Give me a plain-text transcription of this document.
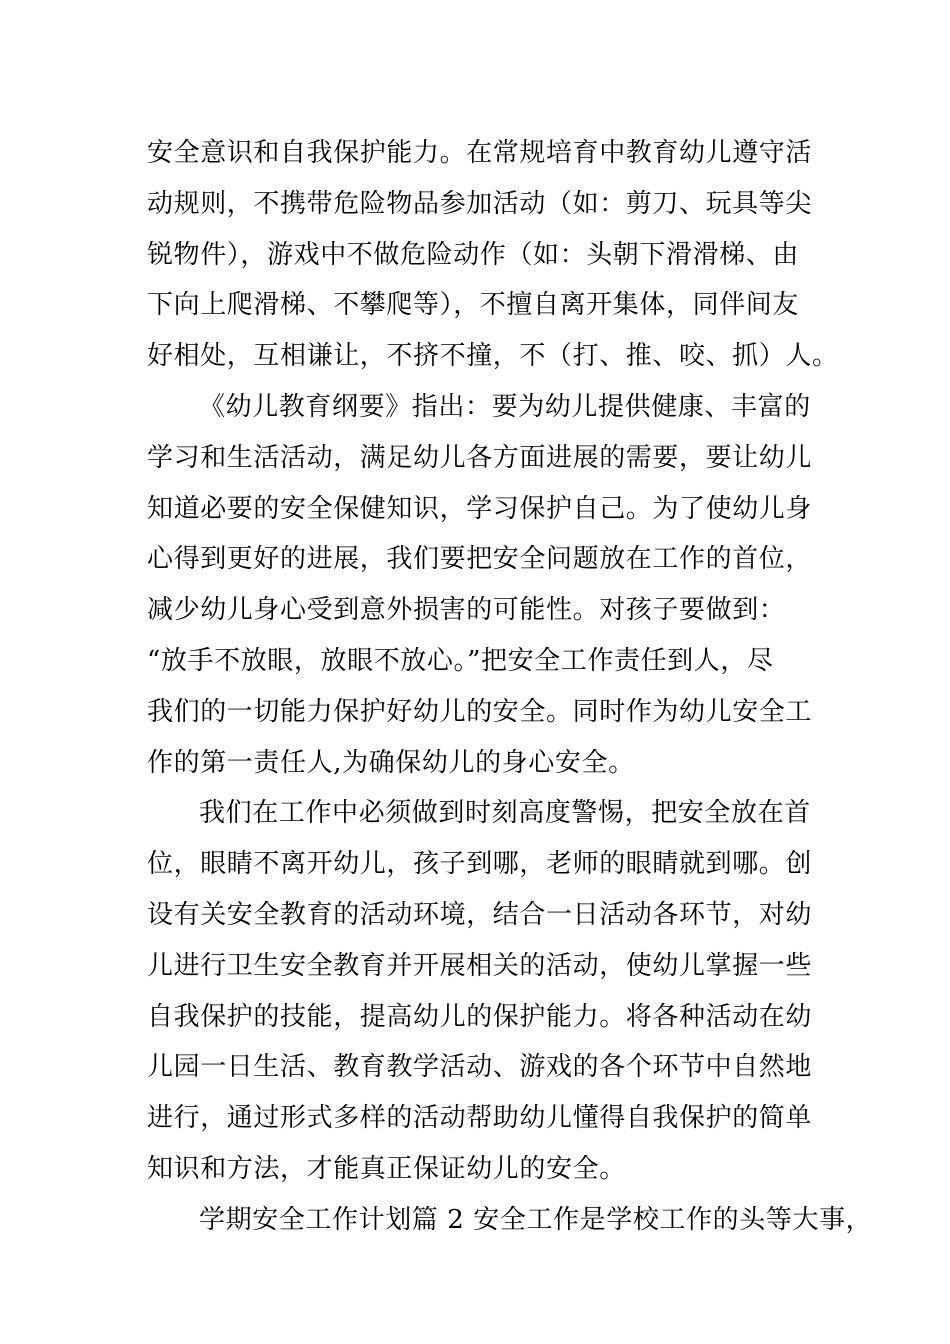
安全意识和自我保护能力。在常规培育中教育幼儿遵守活

动规则，不携带危险物品参加活动（如：剪刀、玩具等尖

锐物件），游戏中不做危险动作（如：头朝下滑滑梯、由

下向上爬滑梯、不攀爬等），不擅自离开集体，同伴间友

好相处，互相谦让，不挤不撞，不（打、推、咬、抓）人。

《幼儿教育纲要》指出：要为幼儿提供健康、丰富的

学习和生活活动，满足幼儿各方面进展的需要，要让幼儿

知道必要的安全保健知识，学习保护自己。为了使幼儿身

心得到更好的进展，我们要把安全问题放在工作的首位，

减少幼儿身心受到意外损害的可能性。对孩子要做到：

“放手不放眼，放眼不放心。”把安全工作责任到人，尽

我们的一切能力保护好幼儿的安全。同时作为幼儿安全工

作的第一责任人,为确保幼儿的身心安全。

我们在工作中必须做到时刻高度警惕，把安全放在首

位，眼睛不离开幼儿，孩子到哪，老师的眼睛就到哪。创

设有关安全教育的活动环境，结合一日活动各环节，对幼

儿进行卫生安全教育并开展相关的活动，使幼儿掌握一些

自我保护的技能，提高幼儿的保护能力。将各种活动在幼

儿园一日生活、教育教学活动、游戏的各个环节中自然地

进行，通过形式多样的活动帮助幼儿懂得自我保护的简单

知识和方法，才能真正保证幼儿的安全。

学期安全工作计划篇 2 安全工作是学校工作的头等大事，
